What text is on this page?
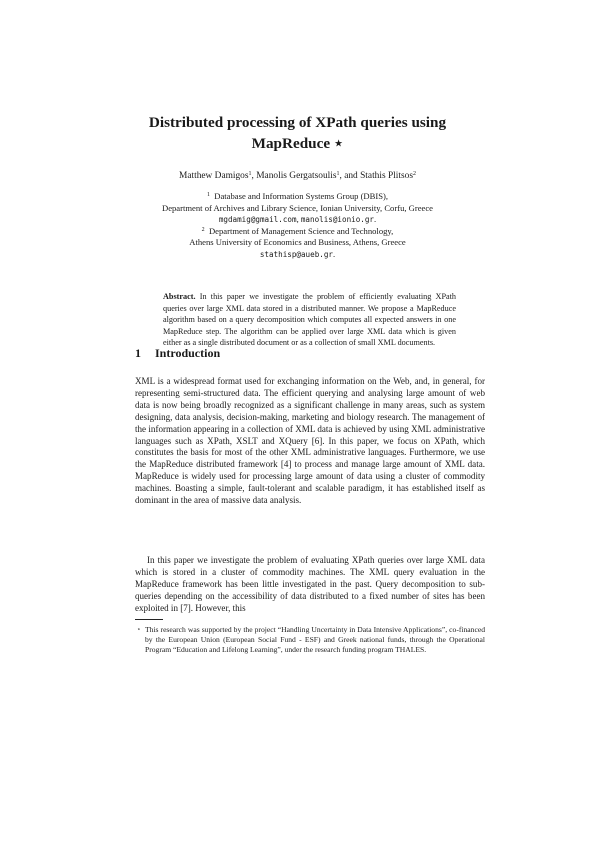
Distributed processing of XPath queries using MapReduce ⋆
Matthew Damigos$^1$, Manolis Gergatsoulis$^1$, and Stathis Plitsos$^2$
$^1$ Database and Information Systems Group (DBIS),
Department of Archives and Library Science, Ionian University, Corfu, Greece
mgdamig@gmail.com, manolis@ionio.gr.
$^2$ Department of Management Science and Technology,
Athens University of Economics and Business, Athens, Greece
stathisp@aueb.gr.
Abstract. In this paper we investigate the problem of efficiently evaluating XPath queries over large XML data stored in a distributed manner. We propose a MapReduce algorithm based on a query decomposition which computes all expected answers in one MapReduce step. The algorithm can be applied over large XML data which is given either as a single distributed document or as a collection of small XML documents.
1 Introduction
XML is a widespread format used for exchanging information on the Web, and, in general, for representing semi-structured data. The efficient querying and analysing large amount of web data is now being broadly recognized as a significant challenge in many areas, such as system designing, data analysis, decision-making, marketing and biology research. The management of the information appearing in a collection of XML data is achieved by using XML administrative languages such as XPath, XSLT and XQuery [6]. In this paper, we focus on XPath, which constitutes the basis for most of the other XML administrative languages. Furthermore, we use the MapReduce distributed framework [4] to process and manage large amount of XML data. MapReduce is widely used for processing large amount of data using a cluster of commodity machines. Boasting a simple, fault-tolerant and scalable paradigm, it has established itself as dominant in the area of massive data analysis.
In this paper we investigate the problem of evaluating XPath queries over large XML data which is stored in a cluster of commodity machines. The XML query evaluation in the MapReduce framework has been little investigated in the past. Query decomposition to sub-queries depending on the accessibility of data distributed to a fixed number of sites has been exploited in [7]. However, this
⋆ This research was supported by the project “Handling Uncertainty in Data Intensive Applications”, co-financed by the European Union (European Social Fund - ESF) and Greek national funds, through the Operational Program “Education and Lifelong Learning”, under the research funding program THALES.
